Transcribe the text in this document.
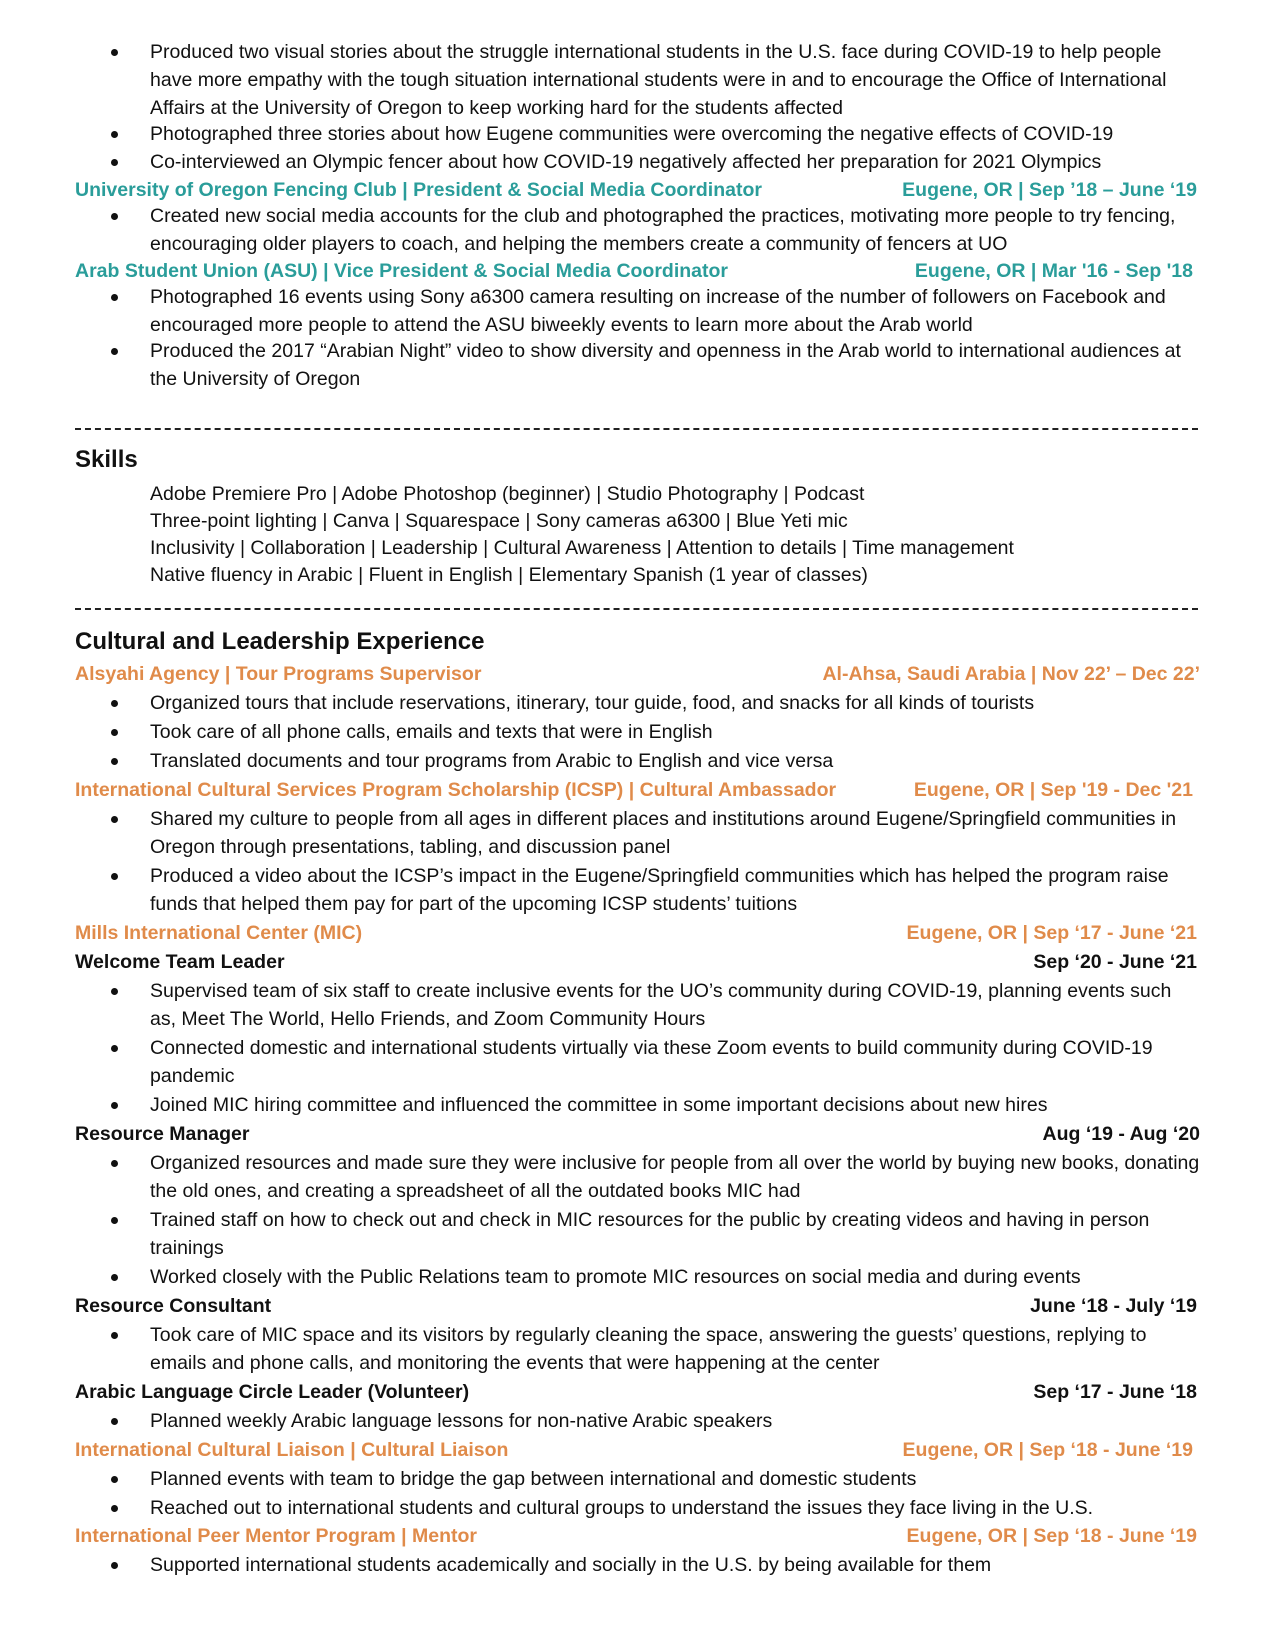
Produced two visual stories about the struggle international students in the U.S. face during COVID-19 to help people have more empathy with the tough situation international students were in and to encourage the Office of International Affairs at the University of Oregon to keep working hard for the students affected
Photographed three stories about how Eugene communities were overcoming the negative effects of COVID-19
Co-interviewed an Olympic fencer about how COVID-19 negatively affected her preparation for 2021 Olympics
University of Oregon Fencing Club | President & Social Media Coordinator	Eugene, OR | Sep ’18 – June ‘19
Created new social media accounts for the club and photographed the practices, motivating more people to try fencing, encouraging older players to coach, and helping the members create a community of fencers at UO
Arab Student Union (ASU) | Vice President & Social Media Coordinator	Eugene, OR | Mar '16 - Sep '18
Photographed 16 events using Sony a6300 camera resulting on increase of the number of followers on Facebook and encouraged more people to attend the ASU biweekly events to learn more about the Arab world
Produced the 2017 “Arabian Night” video to show diversity and openness in the Arab world to international audiences at the University of Oregon
Skills
Adobe Premiere Pro | Adobe Photoshop (beginner) | Studio Photography | Podcast
Three-point lighting | Canva | Squarespace | Sony cameras a6300 | Blue Yeti mic
Inclusivity | Collaboration | Leadership | Cultural Awareness | Attention to details | Time management
Native fluency in Arabic | Fluent in English | Elementary Spanish (1 year of classes)
Cultural and Leadership Experience
Alsyahi Agency | Tour Programs Supervisor	Al-Ahsa, Saudi Arabia | Nov 22’ – Dec 22’
Organized tours that include reservations, itinerary, tour guide, food, and snacks for all kinds of tourists
Took care of all phone calls, emails and texts that were in English
Translated documents and tour programs from Arabic to English and vice versa
International Cultural Services Program Scholarship (ICSP) | Cultural Ambassador	Eugene, OR | Sep '19 - Dec '21
Shared my culture to people from all ages in different places and institutions around Eugene/Springfield communities in Oregon through presentations, tabling, and discussion panel
Produced a video about the ICSP’s impact in the Eugene/Springfield communities which has helped the program raise funds that helped them pay for part of the upcoming ICSP students’ tuitions
Mills International Center (MIC)	Eugene, OR | Sep ‘17 - June ‘21
Welcome Team Leader	Sep ‘20 - June ‘21
Supervised team of six staff to create inclusive events for the UO’s community during COVID-19, planning events such as, Meet The World, Hello Friends, and Zoom Community Hours
Connected domestic and international students virtually via these Zoom events to build community during COVID-19 pandemic
Joined MIC hiring committee and influenced the committee in some important decisions about new hires
Resource Manager	Aug ‘19 - Aug ‘20
Organized resources and made sure they were inclusive for people from all over the world by buying new books, donating the old ones, and creating a spreadsheet of all the outdated books MIC had
Trained staff on how to check out and check in MIC resources for the public by creating videos and having in person trainings
Worked closely with the Public Relations team to promote MIC resources on social media and during events
Resource Consultant	June ‘18 - July ‘19
Took care of MIC space and its visitors by regularly cleaning the space, answering the guests’ questions, replying to emails and phone calls, and monitoring the events that were happening at the center
Arabic Language Circle Leader (Volunteer)	Sep ‘17 - June ‘18
Planned weekly Arabic language lessons for non-native Arabic speakers
International Cultural Liaison | Cultural Liaison	Eugene, OR | Sep ‘18 - June ‘19
Planned events with team to bridge the gap between international and domestic students
Reached out to international students and cultural groups to understand the issues they face living in the U.S.
International Peer Mentor Program | Mentor	Eugene, OR | Sep ‘18 - June ‘19
Supported international students academically and socially in the U.S. by being available for them
